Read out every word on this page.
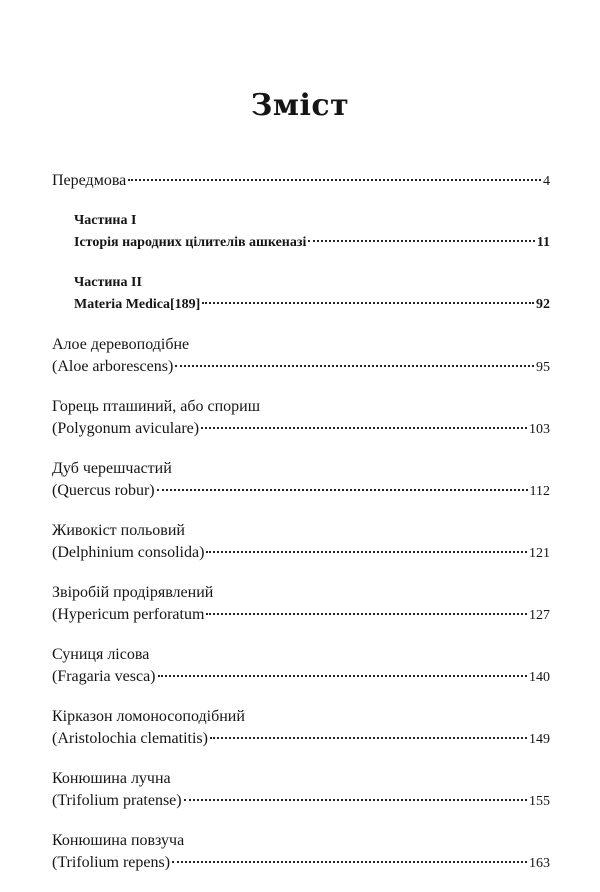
Зміст
Передмова	4
Частина I
Історія народних цілителів ашкеназі	11
Частина II
Materia Medica[189]	92
Алое деревоподібне
(Aloe arborescens)	95
Горець пташиний, або спориш
(Polygonum aviculare)	103
Дуб черешчастий
(Quercus robur)	112
Живокіст польовий
(Delphinium consolida)	121
Звіробій продірявлений
(Hypericum perforatum	127
Суниця лісова
(Fragaria vesca)	140
Кірказон ломоносоподібний
(Aristolochia clematitis)	149
Конюшина лучна
(Trifolium pratense)	155
Конюшина повзуча
(Trifolium repens)	163
